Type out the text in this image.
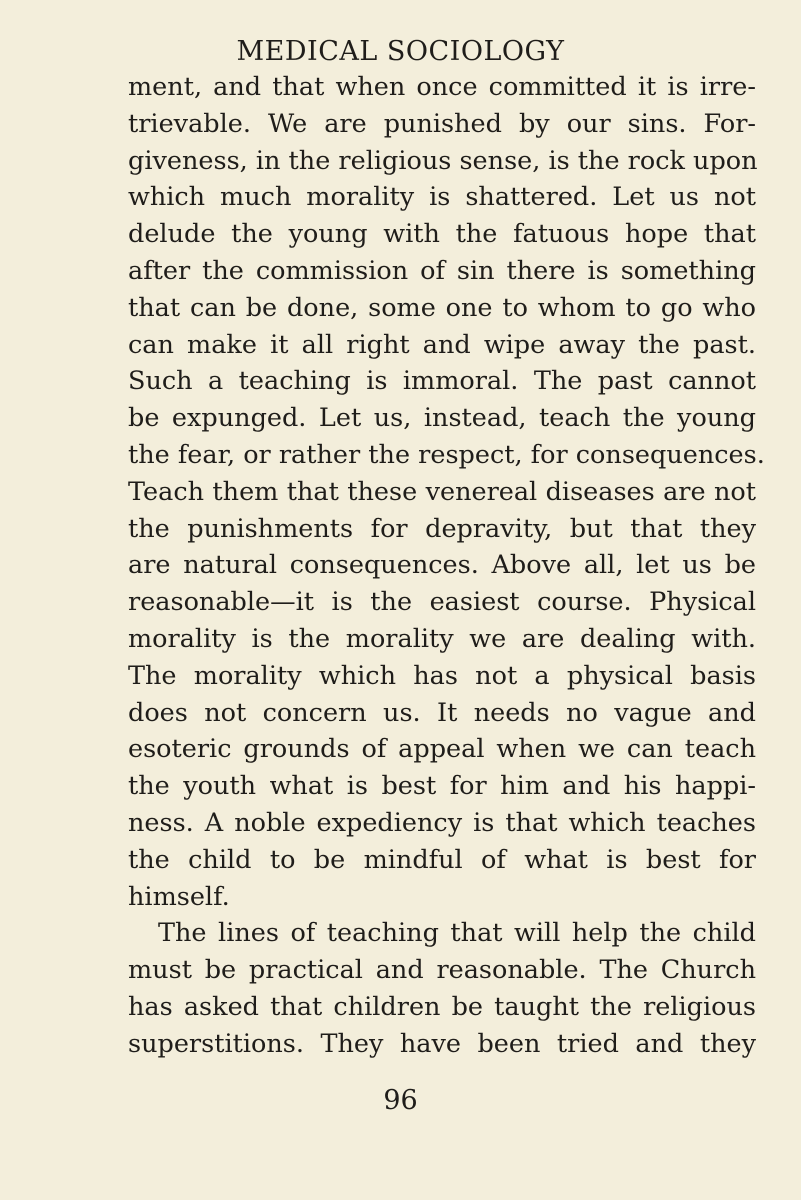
MEDICAL SOCIOLOGY
ment, and that when once committed it is irre-
trievable. We are punished by our sins. For-
giveness, in the religious sense, is the rock upon
which much morality is shattered. Let us not
delude the young with the fatuous hope that
after the commission of sin there is something
that can be done, some one to whom to go who
can make it all right and wipe away the past.
Such a teaching is immoral. The past cannot
be expunged. Let us, instead, teach the young
the fear, or rather the respect, for consequences.
Teach them that these venereal diseases are not
the punishments for depravity, but that they
are natural consequences. Above all, let us be
reasonable—it is the easiest course. Physical
morality is the morality we are dealing with.
The morality which has not a physical basis
does not concern us. It needs no vague and
esoteric grounds of appeal when we can teach
the youth what is best for him and his happi-
ness. A noble expediency is that which teaches
the child to be mindful of what is best for
himself.
The lines of teaching that will help the child
must be practical and reasonable. The Church
has asked that children be taught the religious
superstitions. They have been tried and they
96
